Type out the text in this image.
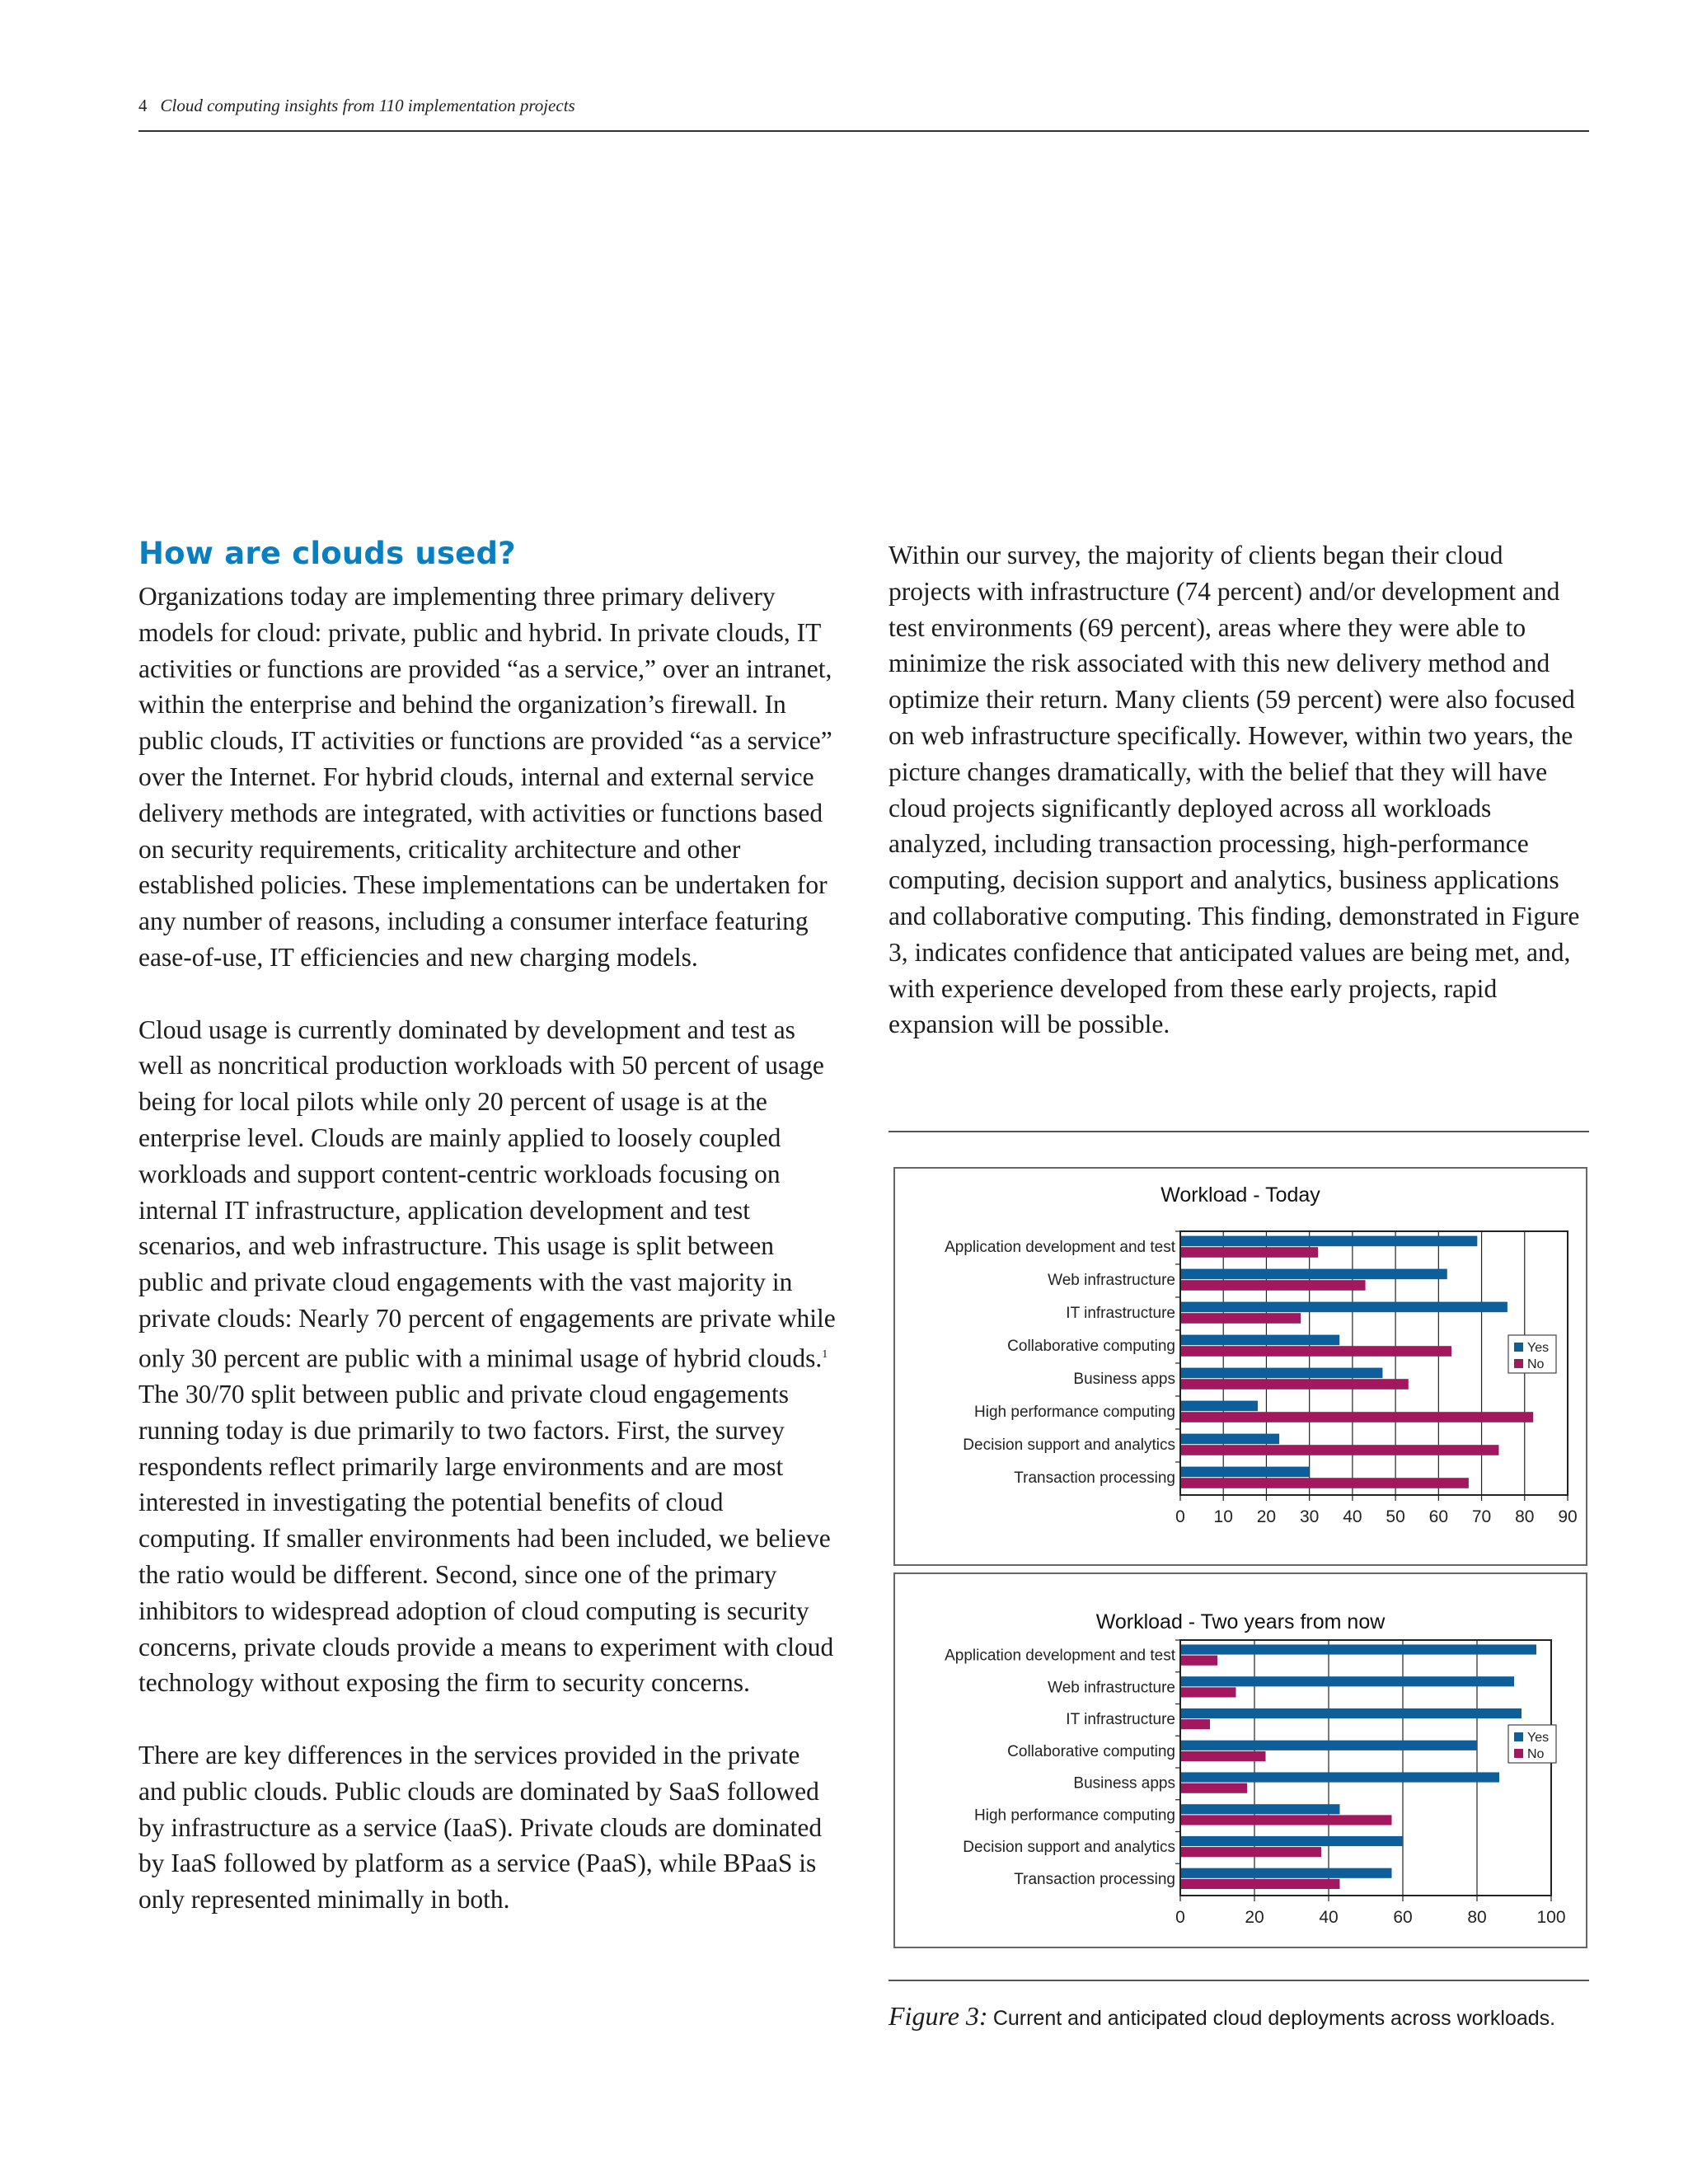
4 Cloud computing insights from 110 implementation projects
How are clouds used?

Organizations today are implementing three primary delivery models for cloud: private, public and hybrid. In private clouds, IT activities or functions are provided “as a service,” over an intranet, within the enterprise and behind the organization’s firewall. In public clouds, IT activities or functions are provided “as a service” over the Internet. For hybrid clouds, internal and external service delivery methods are integrated, with activities or functions based on security requirements, criticality architecture and other established policies. These implementations can be undertaken for any number of reasons, including a consumer interface featuring ease-of-use, IT efficiencies and new charging models.

Cloud usage is currently dominated by development and test as well as noncritical production workloads with 50 percent of usage being for local pilots while only 20 percent of usage is at the enterprise level. Clouds are mainly applied to loosely coupled workloads and support content-centric workloads focusing on internal IT infrastructure, application development and test scenarios, and web infrastructure. This usage is split between public and private cloud engagements with the vast majority in private clouds: Nearly 70 percent of engagements are private while only 30 percent are public with a minimal usage of hybrid clouds.$^1$ The 30/70 split between public and private cloud engagements running today is due primarily to two factors. First, the survey respondents reflect primarily large environments and are most interested in investigating the potential benefits of cloud computing. If smaller environments had been included, we believe the ratio would be different. Second, since one of the primary inhibitors to widespread adoption of cloud computing is security concerns, private clouds provide a means to experiment with cloud technology without exposing the firm to security concerns.

There are key differences in the services provided in the private and public clouds. Public clouds are dominated by SaaS followed by infrastructure as a service (IaaS). Private clouds are dominated by IaaS followed by platform as a service (PaaS), while BPaaS is only represented minimally in both.

Within our survey, the majority of clients began their cloud projects with infrastructure (74 percent) and/or development and test environments (69 percent), areas where they were able to minimize the risk associated with this new delivery method and optimize their return. Many clients (59 percent) were also focused on web infrastructure specifically. However, within two years, the picture changes dramatically, with the belief that they will have cloud projects significantly deployed across all workloads analyzed, including transaction processing, high-performance computing, decision support and analytics, business applications and collaborative computing. This finding, demonstrated in Figure 3, indicates confidence that anticipated values are being met, and, with experience developed from these early projects, rapid expansion will be possible.

Workload - Today
0 10 20 30 40 50 60 70 80 90
Application development and test
Web infrastructure
IT infrastructure
Collaborative computing
Business apps
High performance computing
Decision support and analytics
Transaction processing
Yes
No
Workload - Two years from now
0	20	40	60	80	100
Application development and test
Web infrastructure
IT infrastructure
Collaborative computing
Business apps
High performance computing
Decision support and analytics
Transaction processing
Yes
No
Figure 3: Current and anticipated cloud deployments across workloads.
